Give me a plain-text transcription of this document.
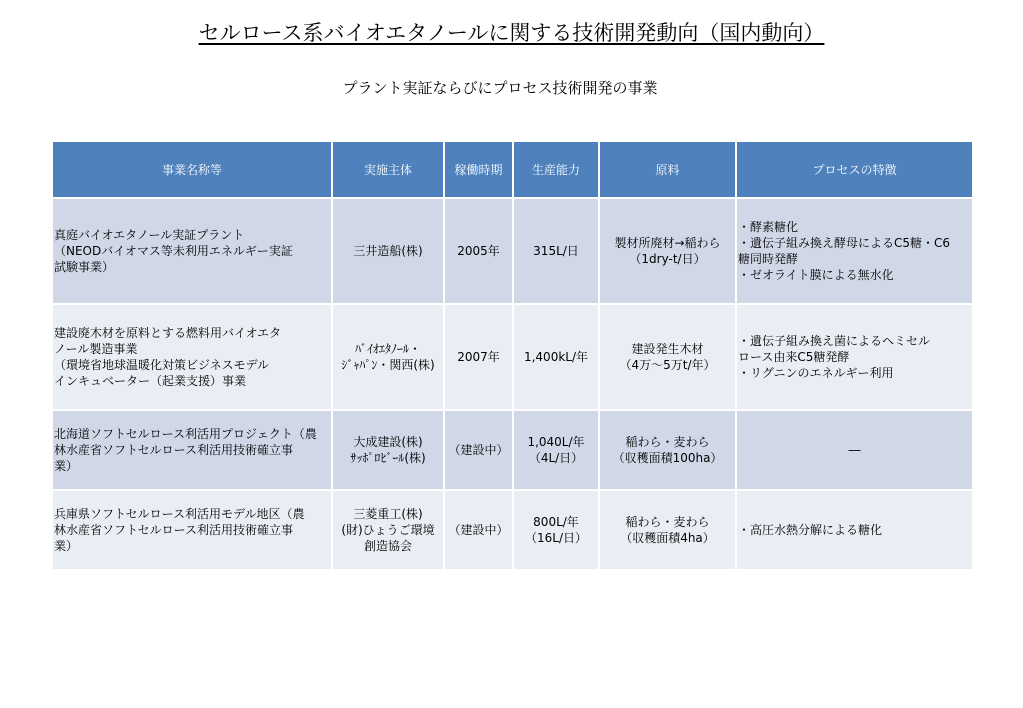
セルロース系バイオエタノールに関する技術開発動向（国内動向）
プラント実証ならびにプロセス技術開発の事業
事業名称等	実施主体	稼働時期	生産能力	原料	プロセスの特徴

真庭バイオエタノール実証プラント
（NEODバイオマス等未利用エネルギー実証
試験事業）	三井造船(株)	2005年	315L/日	製材所廃材→稲わら
（1dry-t/日）	・酵素糖化
・遺伝子組み換え酵母によるC5糖・C6
糖同時発酵
・ゼオライト膜による無水化

建設廃木材を原料とする燃料用バイオエタ
ノール製造事業
（環境省地球温暖化対策ビジネスモデル
インキュベーター（起業支援）事業	ﾊﾞｲｵｴﾀﾉｰﾙ・
ｼﾞｬﾊﾟﾝ・関西(株)	2007年	1,400kL/年	建設発生木材
（4万～5万t/年）	・遺伝子組み換え菌によるヘミセル
ロース由来C5糖発酵
・リグニンのエネルギー利用

北海道ソフトセルロース利活用プロジェクト（農
林水産省ソフトセルロース利活用技術確立事
業）	大成建設(株)
ｻｯﾎﾟﾛﾋﾞｰﾙ(株)	（建設中）	1,040L/年
（4L/日）	稲わら・麦わら
（収穫面積100ha）	―

兵庫県ソフトセルロース利活用モデル地区（農
林水産省ソフトセルロース利活用技術確立事
業）	三菱重工(株)
(財)ひょうご環境
創造協会	（建設中）	800L/年
（16L/日）	稲わら・麦わら
（収穫面積4ha）	・高圧水熱分解による糖化
